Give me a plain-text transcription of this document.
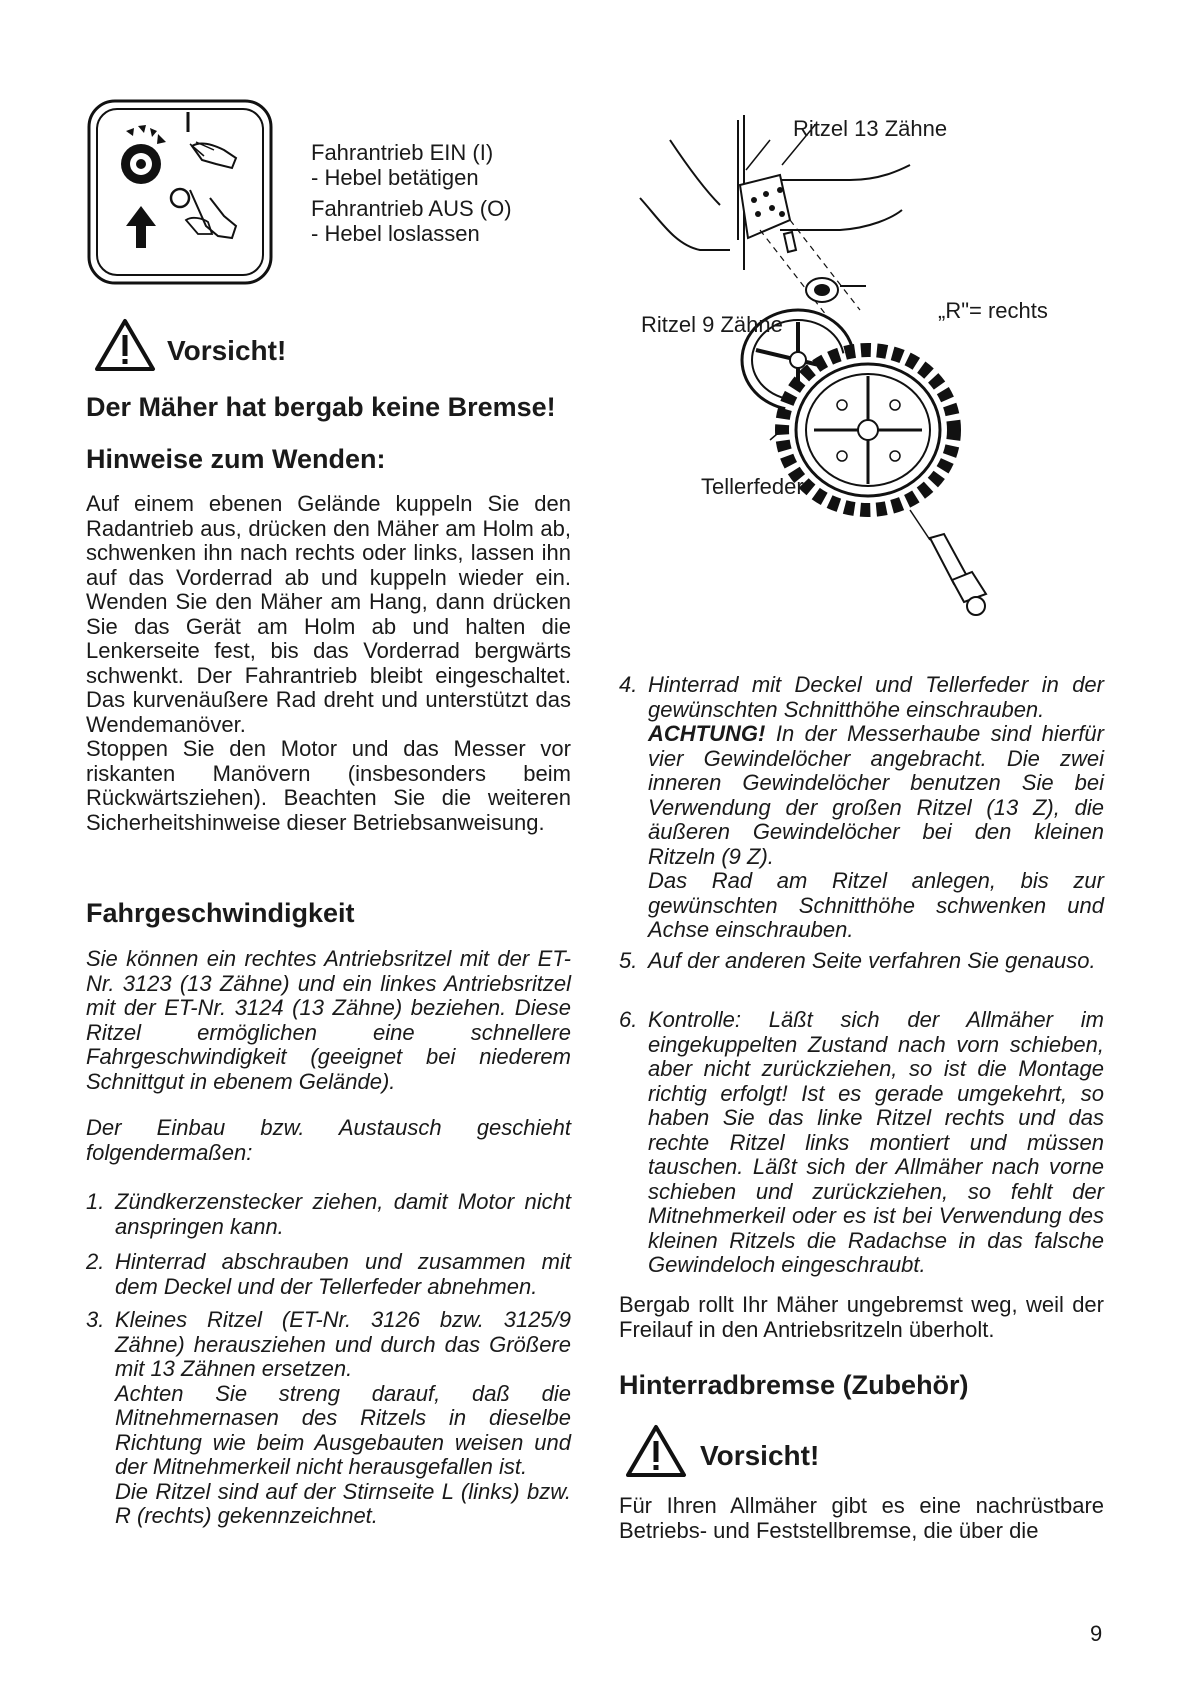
Fahrantrieb EIN (I)
- Hebel betätigen
Fahrantrieb AUS (O)
- Hebel loslassen
Vorsicht!
Der Mäher hat bergab keine Bremse!
Hinweise zum Wenden:
Auf einem ebenen Gelände kuppeln Sie den Radantrieb aus, drücken den Mäher am Holm ab, schwenken ihn nach rechts oder links, lassen ihn auf das Vorderrad ab und kuppeln wieder ein. Wenden Sie den Mäher am Hang, dann drücken Sie das Gerät am Holm ab und halten die Lenkerseite fest, bis das Vorderrad bergwärts schwenkt. Der Fahrantrieb bleibt eingeschaltet. Das kurvenäußere Rad dreht und unterstützt das Wendemanöver.
Stoppen Sie den Motor und das Messer vor riskanten Manövern (insbesonders beim Rückwärtsziehen). Beachten Sie die weiteren Sicherheitshinweise dieser Betriebsanweisung.
Fahrgeschwindigkeit
Sie können ein rechtes Antriebsritzel mit der ET-Nr. 3123 (13 Zähne) und ein linkes Antriebsritzel mit der ET-Nr. 3124 (13 Zähne) beziehen. Diese Ritzel ermöglichen eine schnellere Fahrgeschwindigkeit (geeignet bei niederem Schnittgut in ebenem Gelände).
Der Einbau bzw. Austausch geschieht folgendermaßen:
1. Zündkerzenstecker ziehen, damit Motor nicht anspringen kann.
2. Hinterrad abschrauben und zusammen mit dem Deckel und der Tellerfeder abnehmen.
3. Kleines Ritzel (ET-Nr. 3126 bzw. 3125/9 Zähne) herausziehen und durch das Größere mit 13 Zähnen ersetzen.
Achten Sie streng darauf, daß die Mitnehmernasen des Ritzels in dieselbe Richtung wie beim Ausgebauten weisen und der Mitnehmerkeil nicht herausgefallen ist.
Die Ritzel sind auf der Stirnseite L (links) bzw. R (rechts) gekennzeichnet.
Ritzel 13 Zähne
Ritzel 9 Zähne
„R"= rechts
Tellerfeder
4. Hinterrad mit Deckel und Tellerfeder in der gewünschten Schnitthöhe einschrauben.
ACHTUNG! In der Messerhaube sind hierfür vier Gewindelöcher angebracht. Die zwei inneren Gewindelöcher benutzen Sie bei Verwendung der großen Ritzel (13 Z), die äußeren Gewindelöcher bei den kleinen Ritzeln (9 Z).
Das Rad am Ritzel anlegen, bis zur gewünschten Schnitthöhe schwenken und Achse einschrauben.
5. Auf der anderen Seite verfahren Sie genauso.
6. Kontrolle: Läßt sich der Allmäher im eingekuppelten Zustand nach vorn schieben, aber nicht zurückziehen, so ist die Montage richtig erfolgt! Ist es gerade umgekehrt, so haben Sie das linke Ritzel rechts und das rechte Ritzel links montiert und müssen tauschen. Läßt sich der Allmäher nach vorne schieben und zurückziehen, so fehlt der Mitnehmerkeil oder es ist bei Verwendung des kleinen Ritzels die Radachse in das falsche Gewindeloch eingeschraubt.
Bergab rollt Ihr Mäher ungebremst weg, weil der Freilauf in den Antriebsritzeln überholt.
Hinterradbremse (Zubehör)
Vorsicht!
Für Ihren Allmäher gibt es eine nachrüstbare Betriebs- und Feststellbremse, die über die
9
